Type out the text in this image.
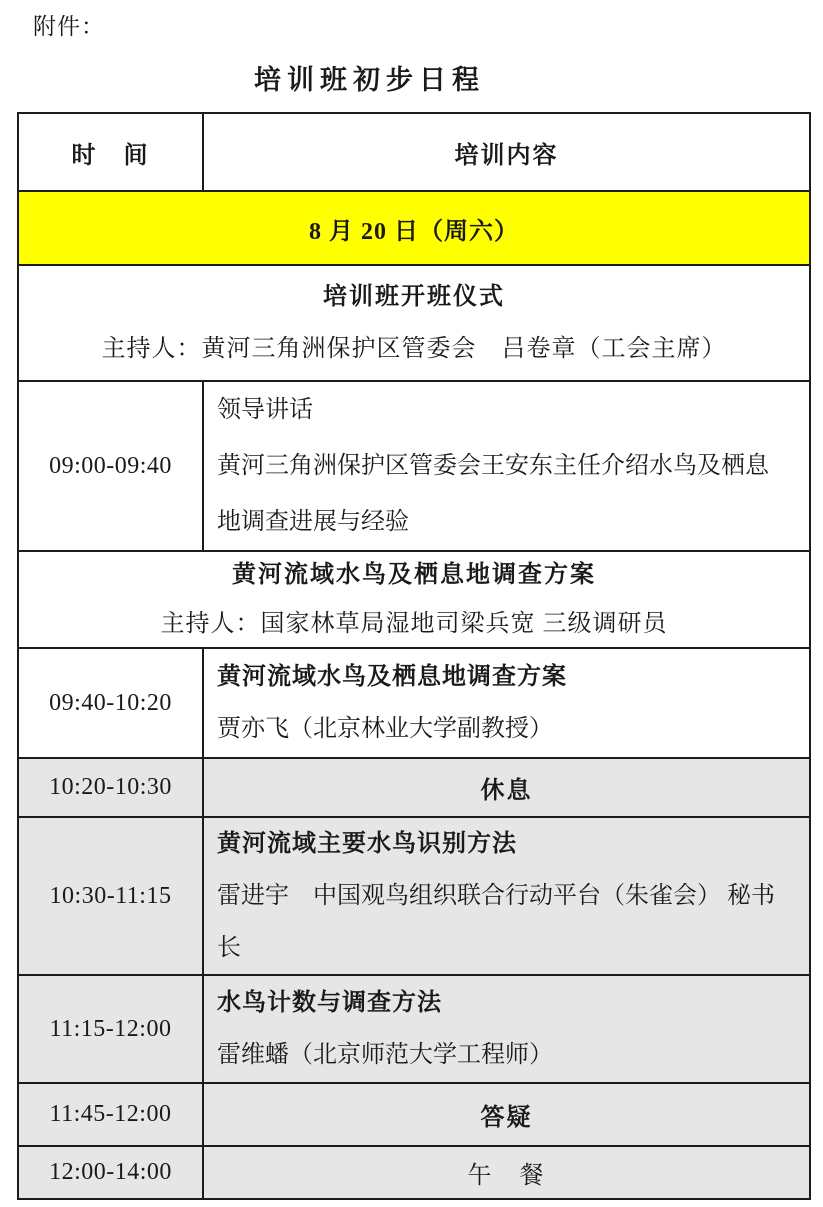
附件：
培训班初步日程
时　间	培训内容
8 月 20 日（周六）	

培训班开班仪式
主持人：黄河三角洲保护区管委会　吕卷章（工会主席）	

09:00-09:40	领导讲话

黄河三角洲保护区管委会王安东主任介绍水鸟及栖息地调查进展与经验

黄河流域水鸟及栖息地调查方案
主持人：国家林草局湿地司梁兵宽 三级调研员	

09:40-10:20	黄河流域水鸟及栖息地调查方案

贾亦飞（北京林业大学副教授）

10:20-10:30	休息
10:30-11:15	黄河流域主要水鸟识别方法

雷进宇　中国观鸟组织联合行动平台（朱雀会） 秘书长

11:15-12:00	水鸟计数与调查方法

雷维蟠（北京师范大学工程师）

11:45-12:00	答疑
12:00-14:00	午　餐
